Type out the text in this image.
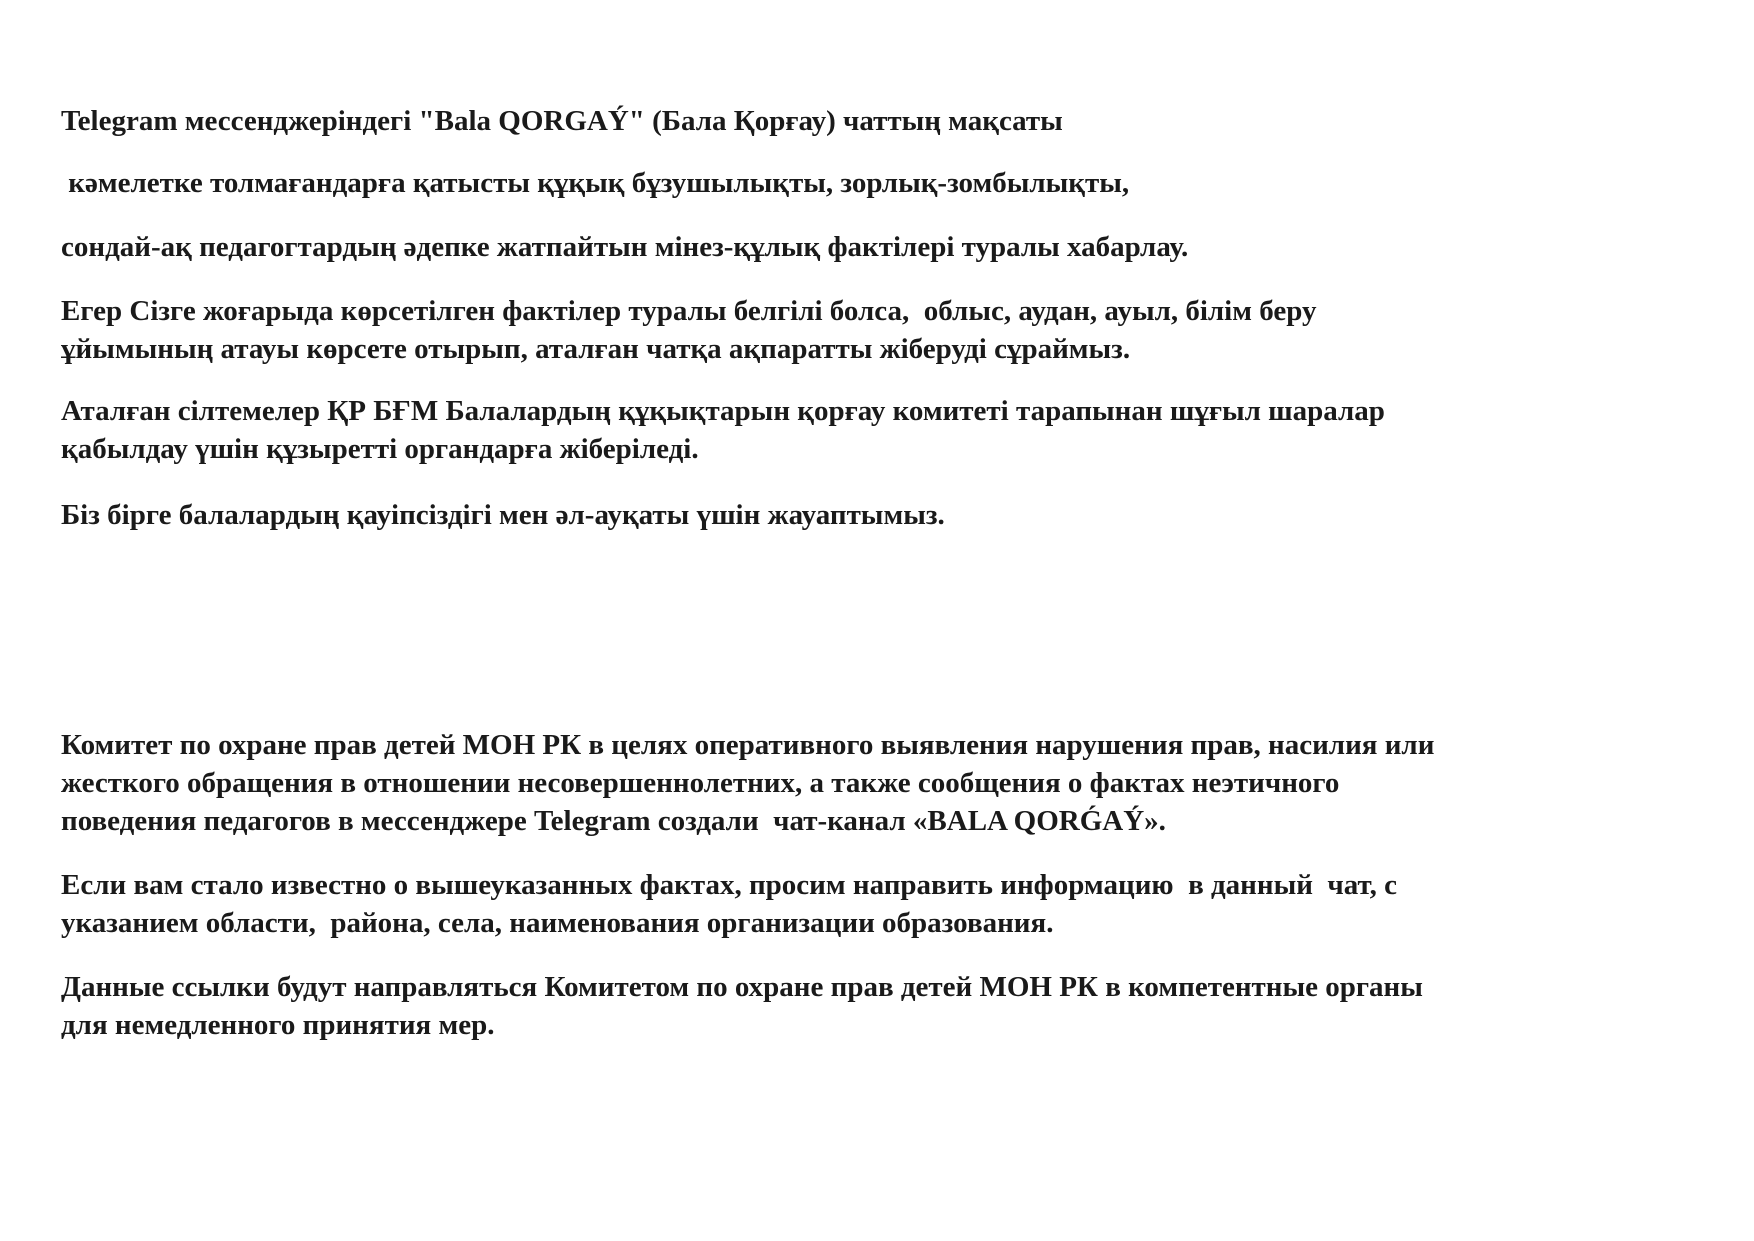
Telegram мессенджеріндегі "Bala QORGAÝ" (Бала Қорғау) чаттың мақсаты

кәмелетке толмағандарға қатысты құқық бұзушылықты, зорлық-зомбылықты,

сондай-ақ педагогтардың әдепке жатпайтын мінез-құлық фактілері туралы хабарлау.

Егер Сізге жоғарыда көрсетілген фактілер туралы белгілі болса,  облыс, аудан, ауыл, білім беру
ұйымының атауы көрсете отырып, аталған чатқа ақпаратты жіберуді сұраймыз.

Аталған сілтемелер ҚР БҒМ Балалардың құқықтарын қорғау комитеті тарапынан шұғыл шаралар
қабылдау үшін құзыретті органдарға жіберіледі.

Біз бірге балалардың қауіпсіздігі мен әл-ауқаты үшін жауаптымыз.

Комитет по охране прав детей МОН РК в целях оперативного выявления нарушения прав, насилия или
жесткого обращения в отношении несовершеннолетних, а также сообщения о фактах неэтичного
поведения педагогов в мессенджере Telegram создали  чат-канал «BALA QORǴAÝ».

Если вам стало известно о вышеуказанных фактах, просим направить информацию  в данный  чат, с
указанием области,  района, села, наименования организации образования.

Данные ссылки будут направляться Комитетом по охране прав детей МОН РК в компетентные органы
для немедленного принятия мер.
